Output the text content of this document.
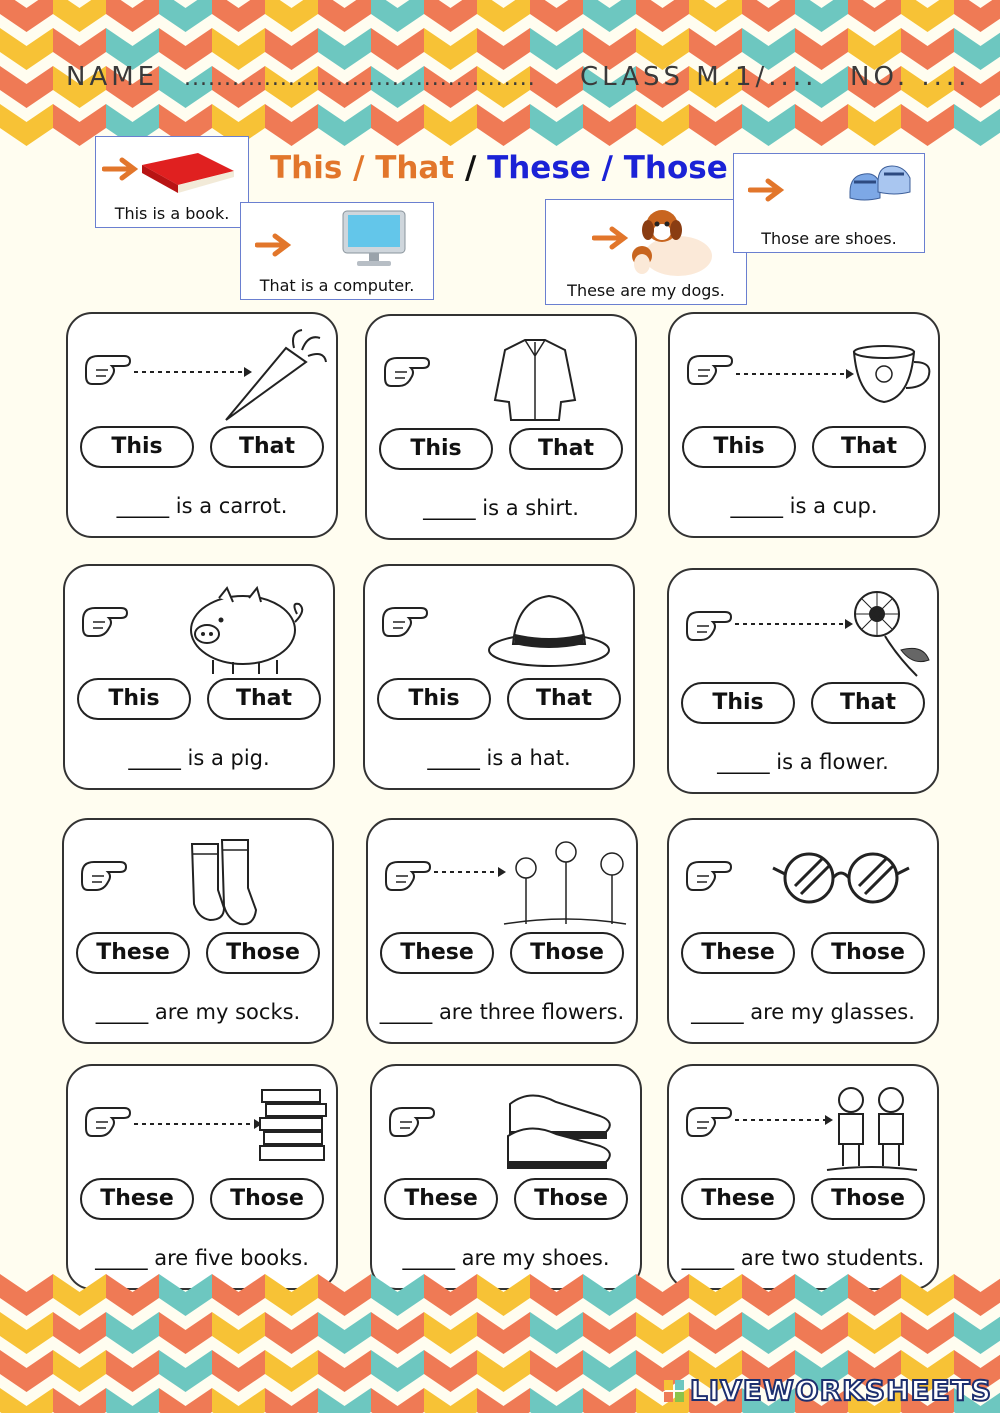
NAME ............................................ CLASS M.1/.... NO. ....
This / That / These / Those
This is a book.
That is a computer.	These are my dogs.
Those are shoes.
This	That
_____ is a carrot.
This	That
_____ is a shirt.
This	That
_____ is a cup.
This	That
_____ is a pig.
This	That
_____ is a hat.
This	That
_____ is a flower.
These	Those
_____ are my socks.
These	Those
_____ are three flowers.
These	Those
_____ are my glasses.
These	Those
_____ are five books.
These	Those
_____ are my shoes.
These	Those
_____ are two students.
LIVEWORKSHEETS
